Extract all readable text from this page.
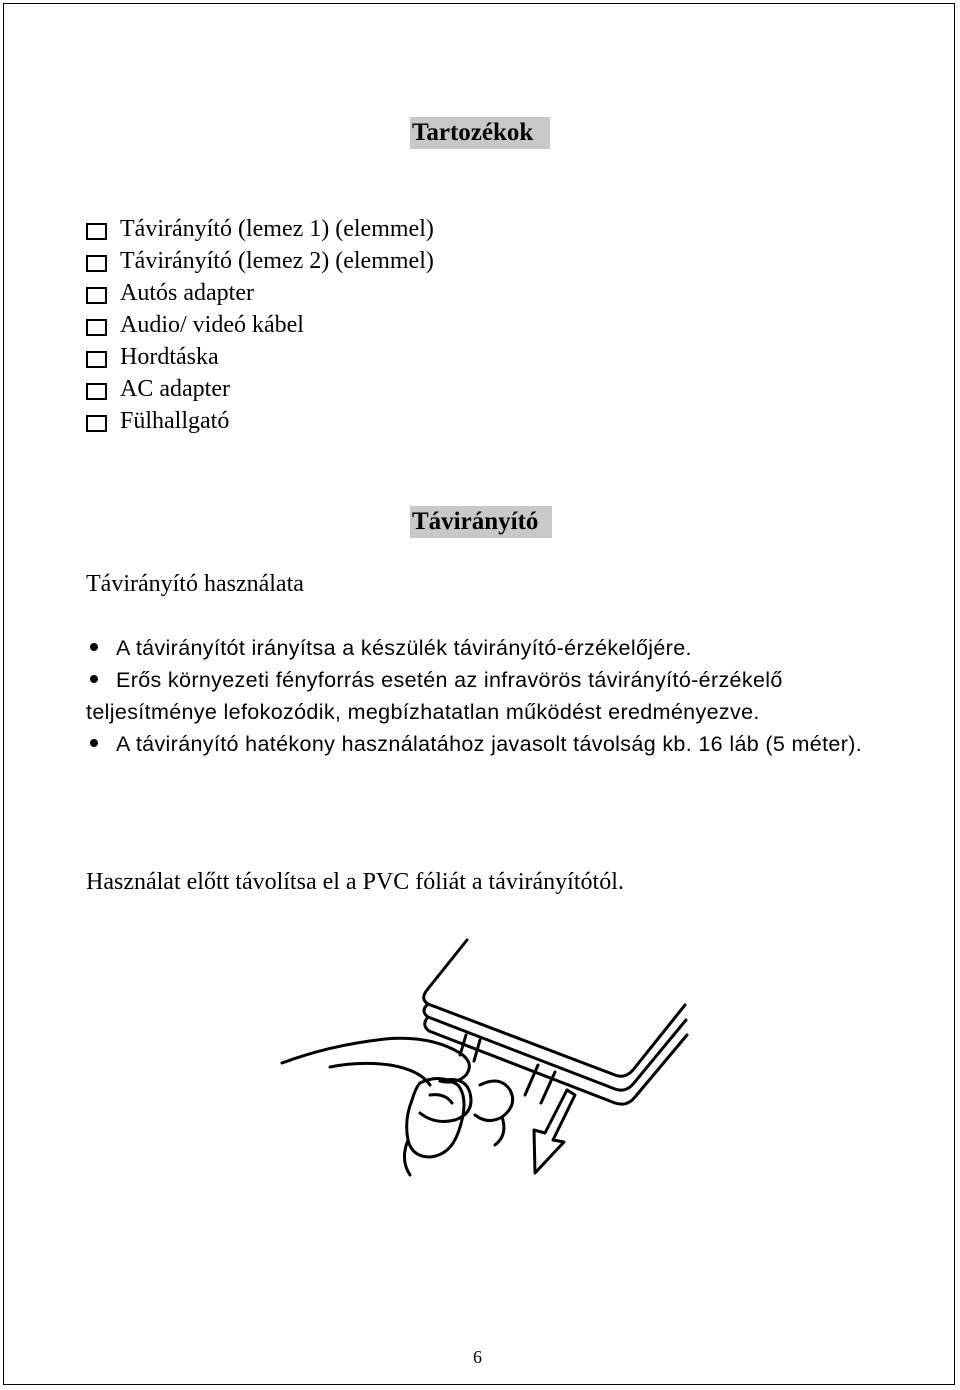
Tartozékok
Távirányító (lemez 1) (elemmel)
Távirányító (lemez 2) (elemmel)
Autós adapter
Audio/ videó kábel
Hordtáska
AC adapter
Fülhallgató
Távirányító
Távirányító használata
A távirányítót irányítsa a készülék távirányító-érzékelőjére.
Erős környezeti fényforrás esetén az infravörös távirányító-érzékelő teljesítménye lefokozódik, megbízhatatlan működést eredményezve.
A távirányító hatékony használatához javasolt távolság kb. 16 láb (5 méter).
Használat előtt távolítsa el a PVC fóliát a távirányítótól.
6
